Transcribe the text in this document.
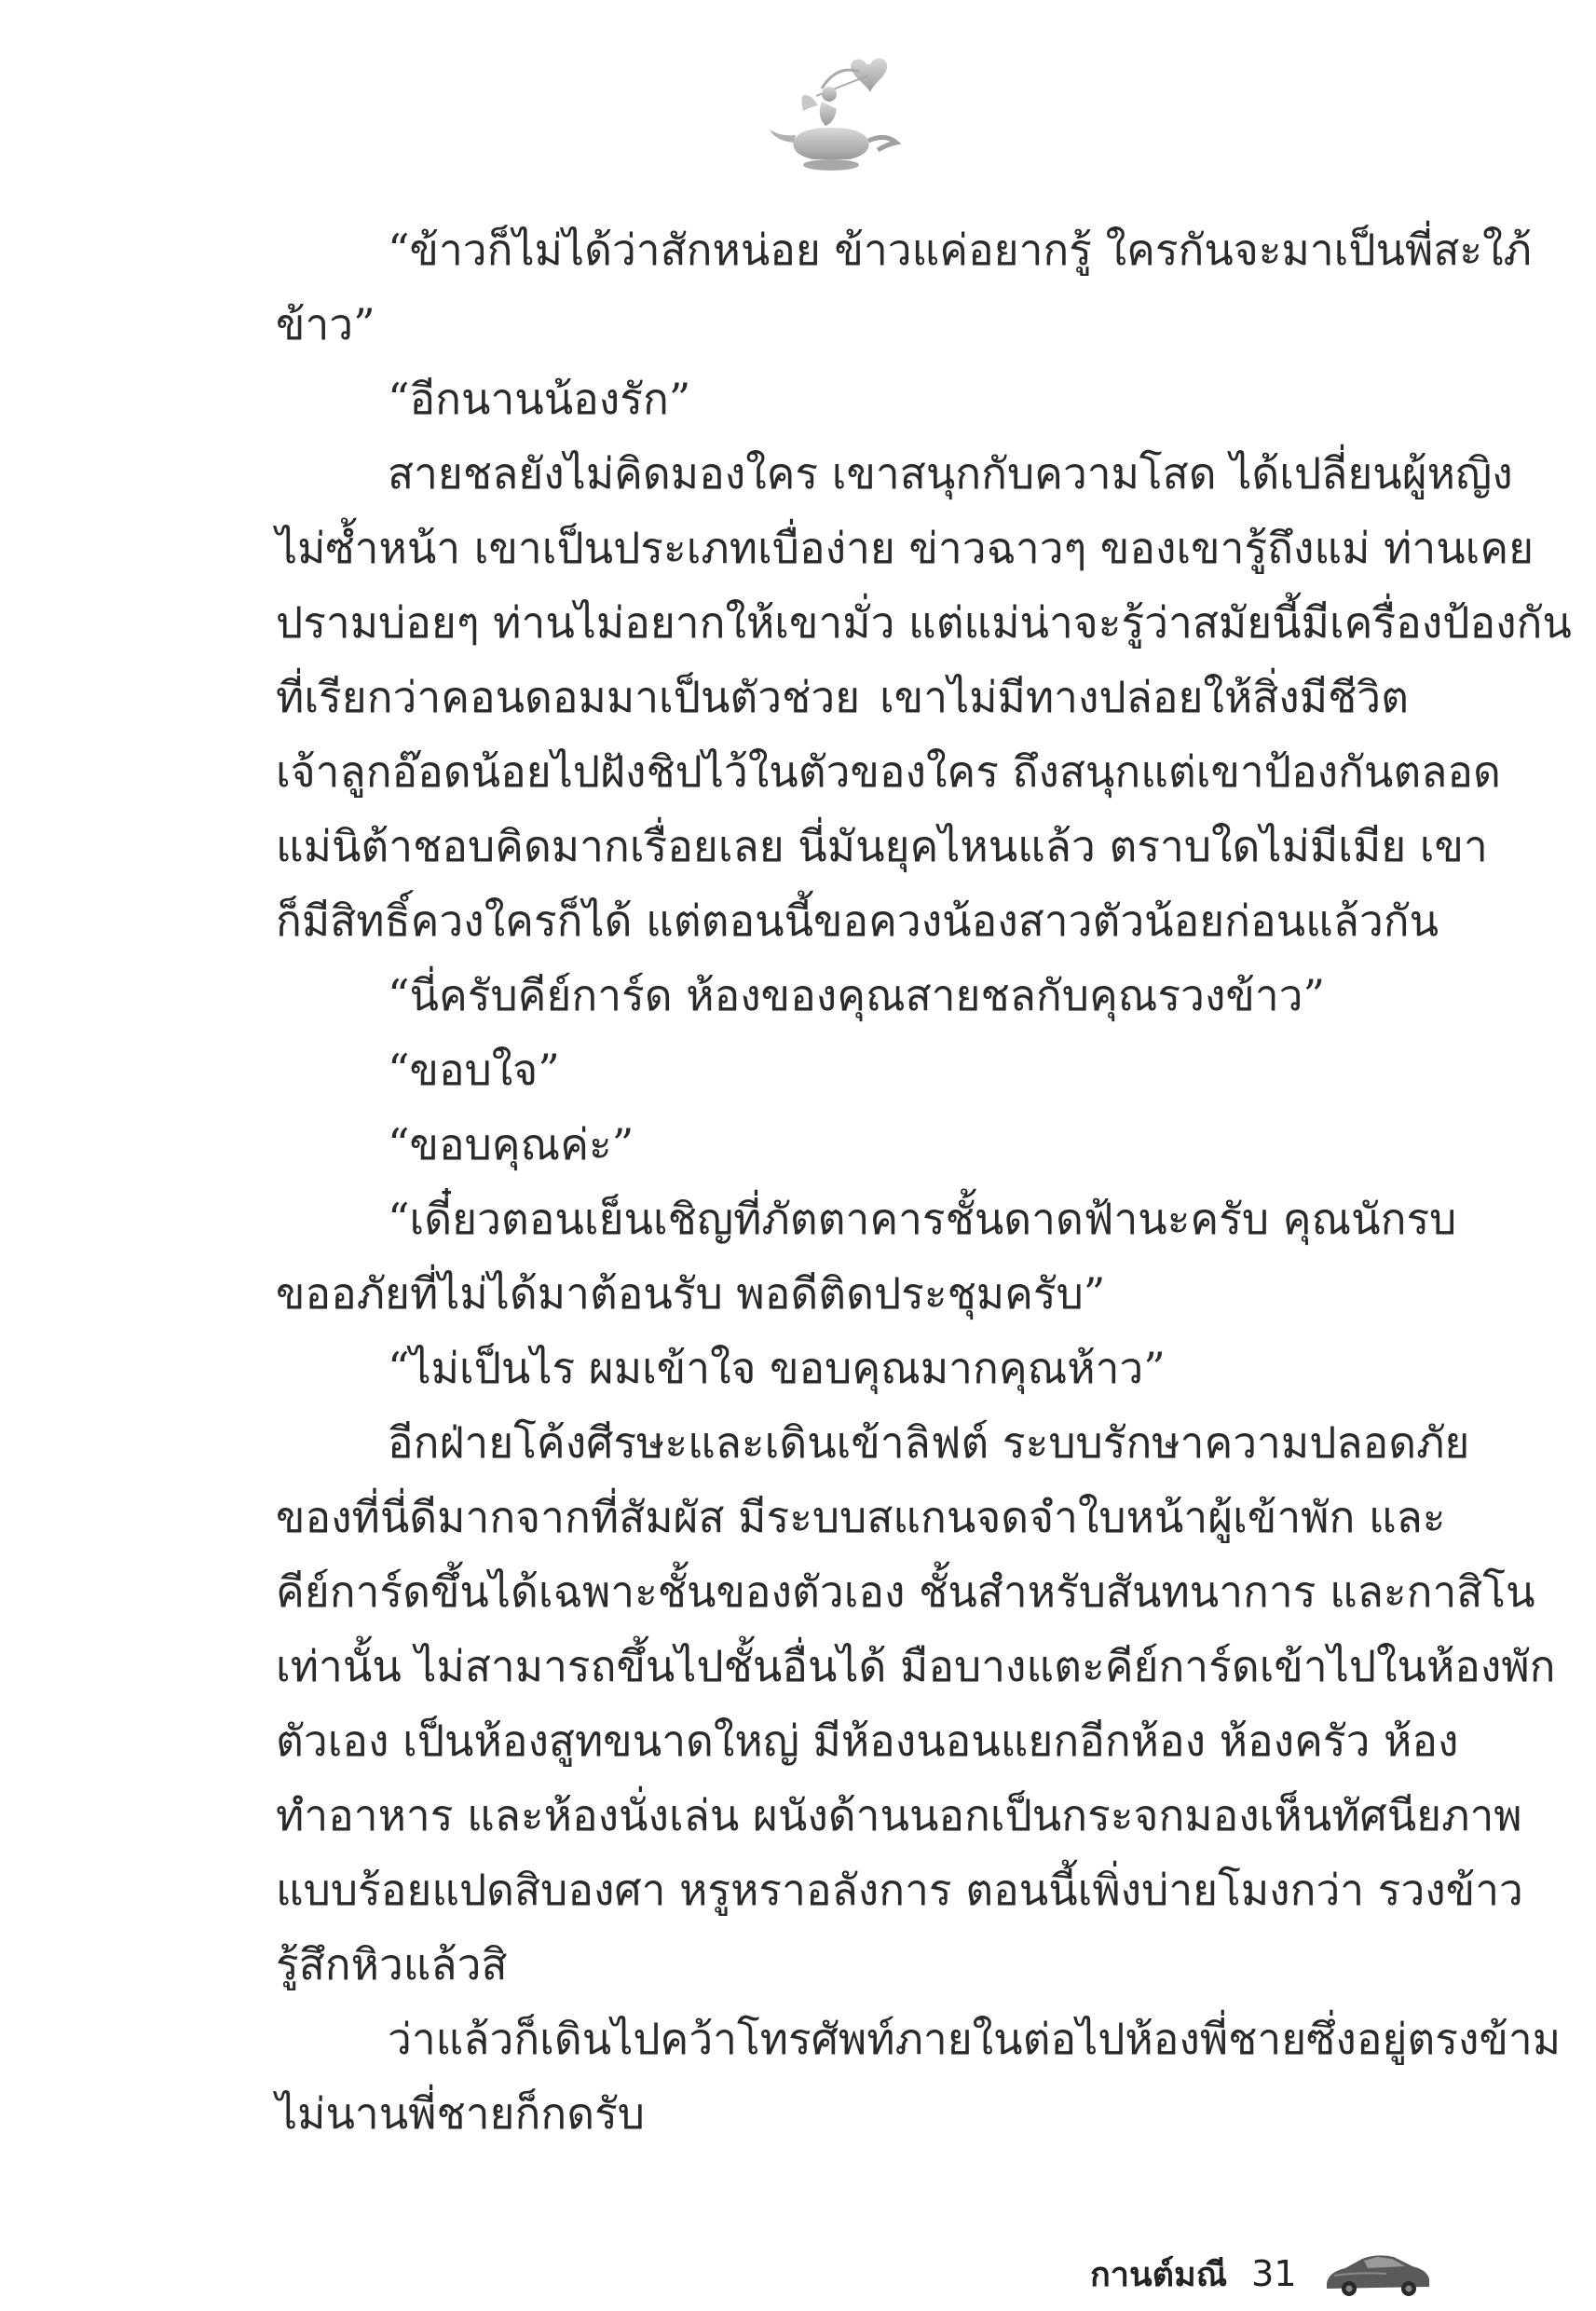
“ข้าวก็ไม่ได้ว่าสักหน่อย ข้าวแค่อยากรู้ ใครกันจะมาเป็นพี่สะใภ้
ข้าว”
“อีกนานน้องรัก”
สายชลยังไม่คิดมองใคร เขาสนุกกับความโสด ได้เปลี่ยนผู้หญิง
ไม่ซ้ำหน้า เขาเป็นประเภทเบื่อง่าย ข่าวฉาวๆ ของเขารู้ถึงแม่ ท่านเคย
ปรามบ่อยๆ ท่านไม่อยากให้เขามั่ว แต่แม่น่าจะรู้ว่าสมัยนี้มีเครื่องป้องกัน
ที่เรียกว่าคอนดอมมาเป็นตัวช่วย เขาไม่มีทางปล่อยให้สิ่งมีชีวิต
เจ้าลูกอ๊อดน้อยไปฝังชิปไว้ในตัวของใคร ถึงสนุกแต่เขาป้องกันตลอด
แม่นิต้าชอบคิดมากเรื่อยเลย นี่มันยุคไหนแล้ว ตราบใดไม่มีเมีย เขา
ก็มีสิทธิ์ควงใครก็ได้ แต่ตอนนี้ขอควงน้องสาวตัวน้อยก่อนแล้วกัน
“นี่ครับคีย์การ์ด ห้องของคุณสายชลกับคุณรวงข้าว”
“ขอบใจ”
“ขอบคุณค่ะ”
“เดี๋ยวตอนเย็นเชิญที่ภัตตาคารชั้นดาดฟ้านะครับ คุณนักรบ
ขออภัยที่ไม่ได้มาต้อนรับ พอดีติดประชุมครับ”
“ไม่เป็นไร ผมเข้าใจ ขอบคุณมากคุณห้าว”
อีกฝ่ายโค้งศีรษะและเดินเข้าลิฟต์ ระบบรักษาความปลอดภัย
ของที่นี่ดีมากจากที่สัมผัส มีระบบสแกนจดจำใบหน้าผู้เข้าพัก และ
คีย์การ์ดขึ้นได้เฉพาะชั้นของตัวเอง ชั้นสำหรับสันทนาการ และกาสิโน
เท่านั้น ไม่สามารถขึ้นไปชั้นอื่นได้ มือบางแตะคีย์การ์ดเข้าไปในห้องพัก
ตัวเอง เป็นห้องสูทขนาดใหญ่ มีห้องนอนแยกอีกห้อง ห้องครัว ห้อง
ทำอาหาร และห้องนั่งเล่น ผนังด้านนอกเป็นกระจกมองเห็นทัศนียภาพ
แบบร้อยแปดสิบองศา หรูหราอลังการ ตอนนี้เพิ่งบ่ายโมงกว่า รวงข้าว
รู้สึกหิวแล้วสิ
ว่าแล้วก็เดินไปคว้าโทรศัพท์ภายในต่อไปห้องพี่ชายซึ่งอยู่ตรงข้าม
ไม่นานพี่ชายก็กดรับ
กานต์มณี 31
